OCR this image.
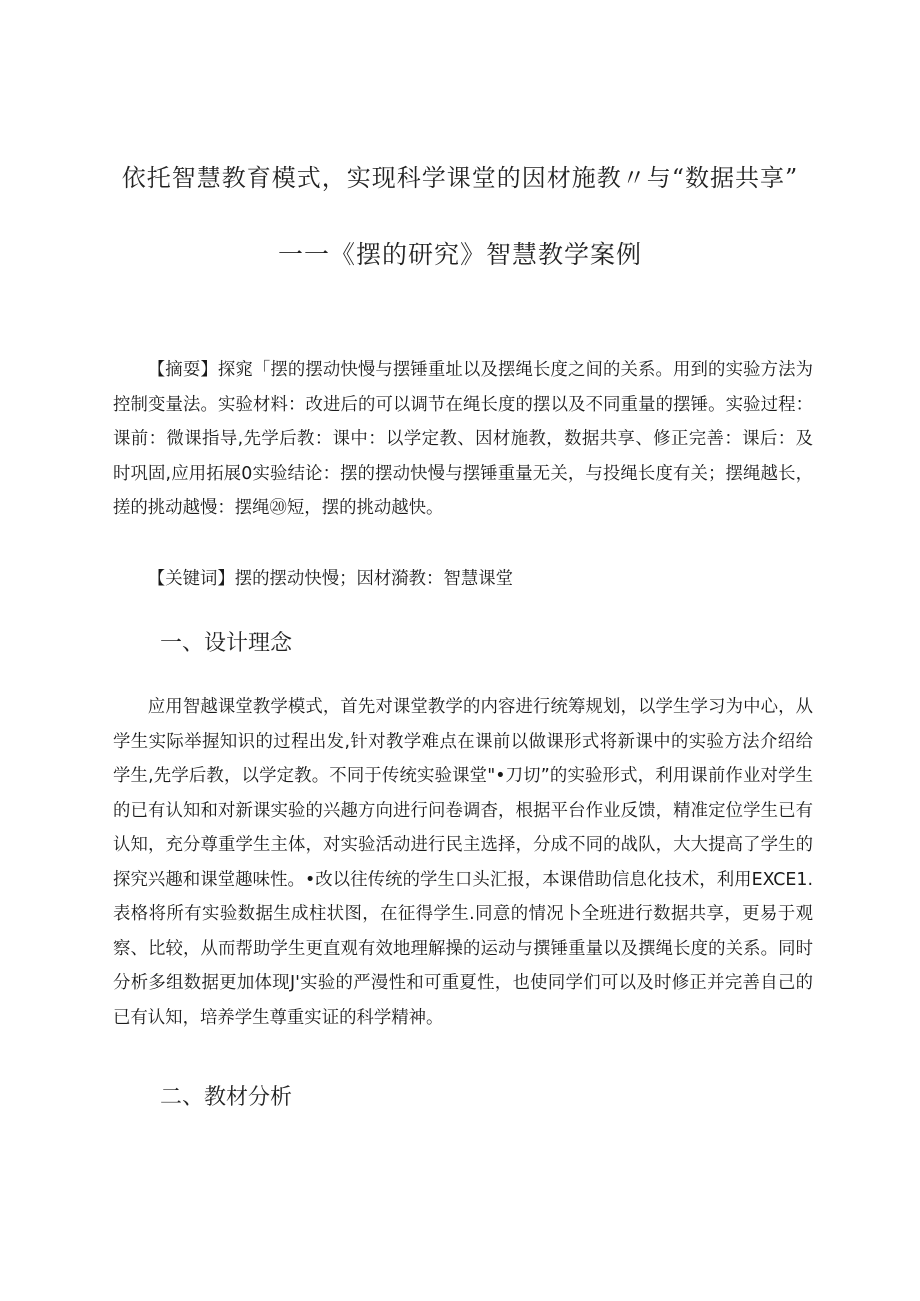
依托智慧教育模式，实现科学课堂的因材施教〃与“数据共享”
一一《摆的研究》智慧教学案例

【摘耍】探窕「摆的摆动快慢与摆锤重址以及摆绳长度之间的关系。用到的实验方法为控制变量法。实验材料：改进后的可以调节在绳长度的摆以及不同重量的摆锤。实验过程：课前：微课指导,先学后教：课中：以学定教、因材施教，数据共享、修正完善：课后：及时巩固,应用拓展0实验结论：摆的摆动快慢与摆锤重量无关，与投绳长度有关；摆绳越长，搓的挑动越慢：摆绳⑳短，摆的挑动越快。

【关键词】摆的摆动快慢；因材漪教：智慧课堂

一、设计理念

应用智越课堂教学模式，首先对课堂教学的内容进行统筹规划，以学生学习为中心，从学生实际举握知识的过程出发,针对教学难点在课前以做课形式将新课中的实验方法介绍给学生,先学后教，以学定教。不同于传统实验课堂"•刀切”的实验形式，利用课前作业对学生的已有认知和对新课实验的兴趣方向进行问卷调杳，根据平台作业反馈，精准定位学生已有认知，充分尊重学生主体，对实验活动进行民主选择，分成不同的战队，大大提高了学生的探究兴趣和课堂趣味性。•改以往传统的学生口头汇报，本课借助信息化技术，利用EXCE1.表格将所有实验数据生成柱状图，在征得学生.同意的情况卜全班进行数据共享，更易于观察、比较，从而帮助学生更直观有效地理解操的运动与撰锤重量以及撰绳长度的关系。同时分析多组数据更加体现J'实验的严漫性和可重夏性，也使同学们可以及时修正并完善自己的已有认知，培养学生尊重实证的科学精神。

二、教材分析
